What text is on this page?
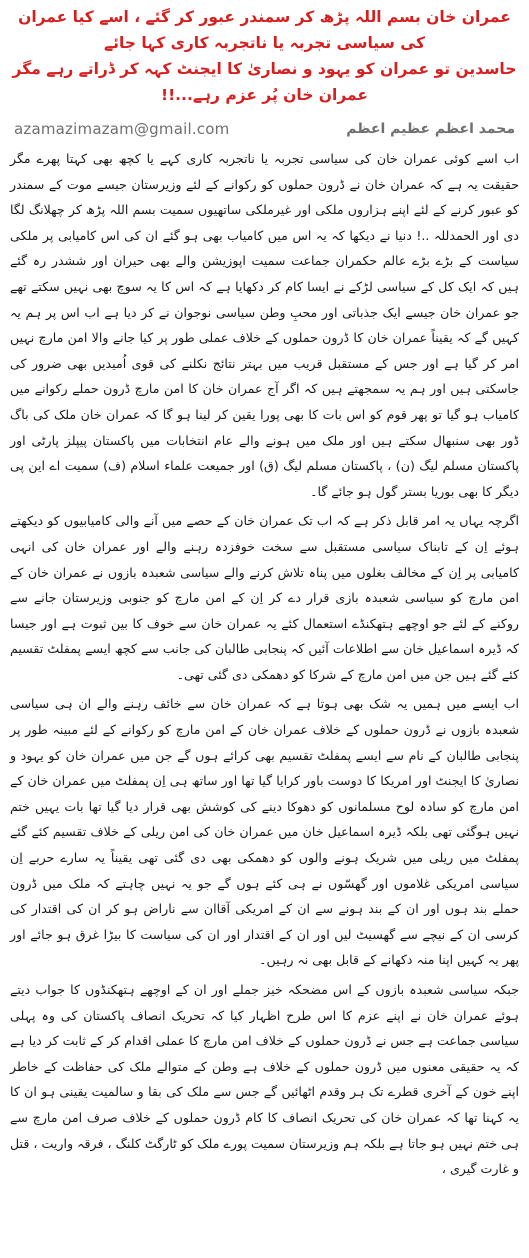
عمران خان بسم اللہ پڑھ کر سمندر عبور کر گئے ، اسے کیا عمران کی سیاسی تجربہ یا ناتجربہ کاری کہا جائے
حاسدین تو عمران کو یہود و نصاریٰ کا ایجنٹ کہہ کر ڈراتے رہے مگر عمران خان پُر عزم رہے...!!
azamazimazam@gmail.com	محمد اعظم عظیم اعظم

اب اسے کوئی عمران خان کی سیاسی تجربہ یا ناتجربہ کاری کہے یا کچھ بھی کہتا پھرے مگر حقیقت یہ ہے کہ عمران خان نے ڈرون حملوں کو رکوانے کے لئے وزیرستان جیسے موت کے سمندر کو عبور کرنے کے لئے اپنے ہزاروں ملکی اور غیرملکی ساتھیوں سمیت بسم اللہ پڑھ کر چھلانگ لگا دی اور الحمدللہ ..! دنیا نے دیکھا کہ یہ اس میں کامیاب بھی ہو گئے ان کی اس کامیابی پر ملکی سیاست کے بڑے بڑے عالم حکمران جماعت سمیت اپوزیشن والے بھی حیران اور ششدر رہ گئے ہیں کہ ایک کل کے سیاسی لڑکے نے ایسا کام کر دکھایا ہے کہ اس کا یہ سوچ بھی نہیں سکتے تھے جو عمران خان جیسے ایک جذباتی اور محبِ وطن سیاسی نوجوان نے کر دیا ہے اب اس پر ہم یہ کہیں گے کہ یقیناً عمران خان کا ڈرون حملوں کے خلاف عملی طور پر کیا جانے والا امن مارچ نہیں امر کر گیا ہے اور جس کے مستقبل قریب میں بہتر نتائج نکلنے کی قوی اُمیدیں بھی ضرور کی جاسکتی ہیں اور ہم یہ سمجھتے ہیں کہ اگر آج عمران خان کا امن مارچ ڈرون حملے رکوانے میں کامیاب ہو گیا تو پھر قوم کو اس بات کا بھی پورا یقین کر لینا ہو گا کہ عمران خان ملک کی باگ ڈور بھی سنبھال سکتے ہیں اور ملک میں ہونے والے عام انتخابات میں پاکستان پیپلز پارٹی اور پاکستان مسلم لیگ (ن) ، پاکستان مسلم لیگ (ق) اور جمیعت علماء اسلام (ف) سمیت اے این پی دیگر کا بھی بوریا بستر گول ہو جائے گا۔

اگرچہ یہاں یہ امر قابل ذکر ہے کہ اب تک عمران خان کے حصے میں آنے والی کامیابیوں کو دیکھتے ہوئے اِن کے تابناک سیاسی مستقبل سے سخت خوفزدہ رہنے والے اور عمران خان کی انہی کامیابی پر اِن کے مخالف بغلوں میں پناہ تلاش کرنے والے سیاسی شعبدہ بازوں نے عمران خان کے امن مارچ کو سیاسی شعبدہ بازی قرار دے کر اِن کے امن مارچ کو جنوبی وزیرستان جانے سے روکنے کے لئے جو اوچھے ہتھکنڈے استعمال کئے یہ عمران خان سے خوف کا بین ثبوت ہے اور جیسا کہ ڈیرہ اسماعیل خان سے اطلاعات آئیں کہ پنجابی طالبان کی جانب سے کچھ ایسے پمفلٹ تقسیم کئے گئے ہیں جن میں امن مارچ کے شرکا کو دھمکی دی گئی تھی۔

اب ایسے میں ہمیں یہ شک بھی ہوتا ہے کہ عمران خان سے خائف رہنے والے ان ہی سیاسی شعبدہ بازوں نے ڈرون حملوں کے خلاف عمران خان کے امن مارچ کو رکوانے کے لئے مبینہ طور پر پنجابی طالبان کے نام سے ایسے پمفلٹ تقسیم بھی کرائے ہوں گے جن میں عمران خان کو یہود و نصاریٰ کا ایجنٹ اور امریکا کا دوست باور کرایا گیا تھا اور ساتھ ہی اِن پمفلٹ میں عمران خان کے امن مارچ کو سادہ لوح مسلمانوں کو دھوکا دینے کی کوشش بھی قرار دیا گیا تھا بات یہیں ختم نہیں ہوگئی تھی بلکہ ڈیرہ اسماعیل خان میں عمران خان کی امن ریلی کے خلاف تقسیم کئے گئے پمفلٹ میں ریلی میں شریک ہونے والوں کو دھمکی بھی دی گئی تھی یقیناً یہ سارے حربے اِن سیاسی امریکی غلاموں اور گھسّوں نے ہی کئے ہوں گے جو یہ نہیں چاہتے کہ ملک میں ڈرون حملے بند ہوں اور ان کے بند ہونے سے ان کے امریکی آقاان سے ناراض ہو کر ان کی اقتدار کی کرسی ان کے نیچے سے گھسیٹ لیں اور ان کے اقتدار اور ان کی سیاست کا بیڑا غرق ہو جائے اور پھر یہ کہیں اپنا منہ دکھانے کے قابل بھی نہ رہیں۔

جبکہ سیاسی شعبدہ بازوں کے اس مضحکہ خیز جملے اور ان کے اوچھے ہتھکنڈوں کا جواب دیتے ہوئے عمران خان نے اپنے عزم کا اس طرح اظہار کیا کہ تحریک انصاف پاکستان کی وہ پہلی سیاسی جماعت ہے جس نے ڈرون حملوں کے خلاف امن مارچ کا عملی اقدام کر کے ثابت کر دیا ہے کہ یہ حقیقی معنوں میں ڈرون حملوں کے خلاف ہے وطن کے متوالے ملک کی حفاظت کے خاطر اپنے خون کے آخری قطرے تک ہر وقدم اٹھائیں گے جس سے ملک کی بقا و سالمیت یقینی ہو ان کا یہ کہنا تھا کہ عمران خان کی تحریک انصاف کا کام ڈرون حملوں کے خلاف صرف امن مارچ سے ہی ختم نہیں ہو جاتا ہے بلکہ ہم وزیرستان سمیت پورے ملک کو ٹارگٹ کلنگ ، فرقہ واریت ، قتل و غارت گیری ،
